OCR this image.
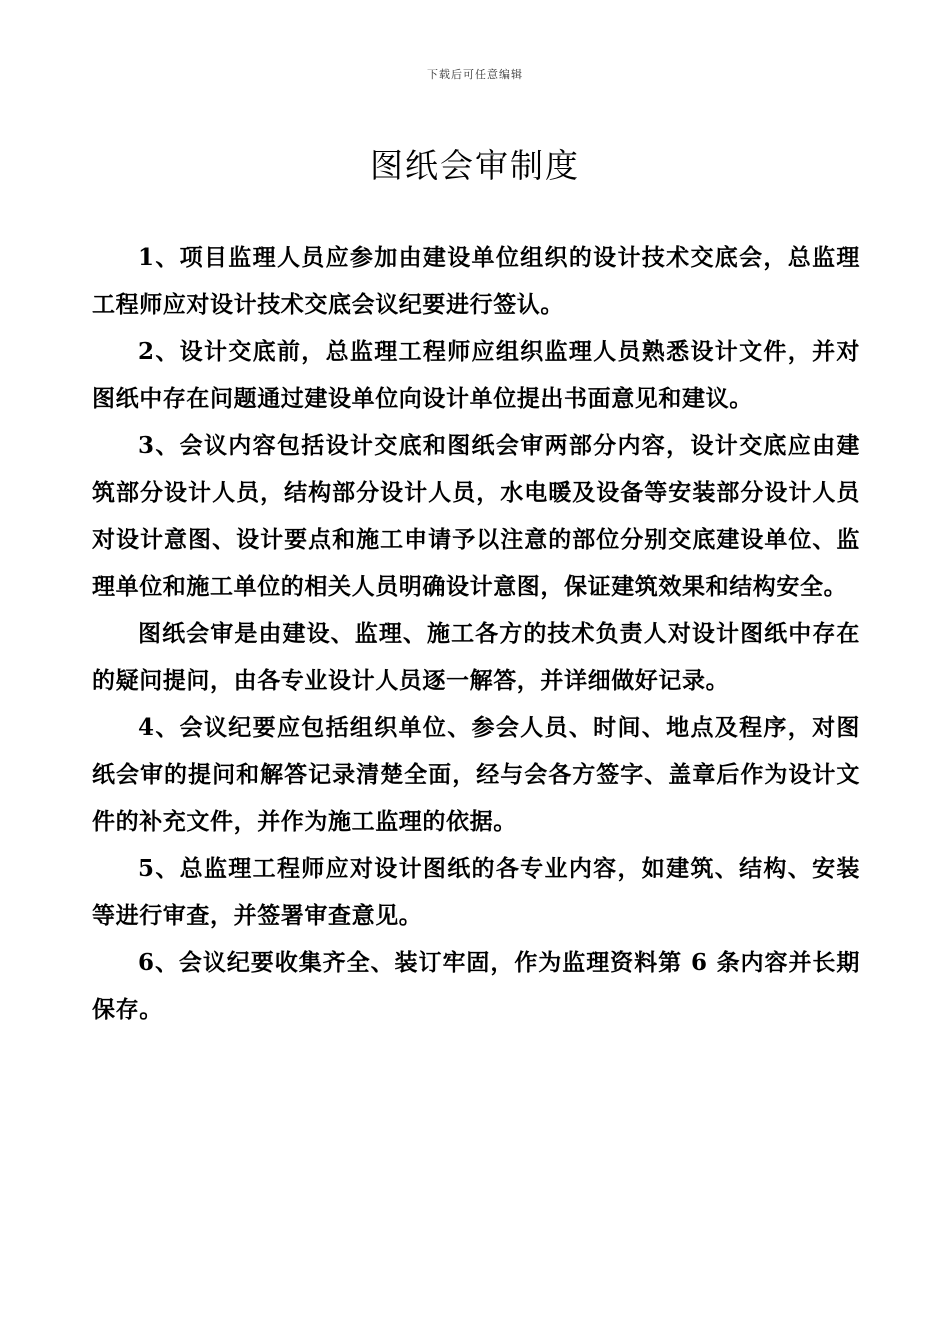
下载后可任意编辑
图纸会审制度

1、项目监理人员应参加由建设单位组织的设计技术交底会，总监理工程师应对设计技术交底会议纪要进行签认。

2、设计交底前，总监理工程师应组织监理人员熟悉设计文件，并对图纸中存在问题通过建设单位向设计单位提出书面意见和建议。

3、会议内容包括设计交底和图纸会审两部分内容，设计交底应由建筑部分设计人员，结构部分设计人员，水电暖及设备等安装部分设计人员对设计意图、设计要点和施工申请予以注意的部位分别交底建设单位、监理单位和施工单位的相关人员明确设计意图，保证建筑效果和结构安全。

图纸会审是由建设、监理、施工各方的技术负责人对设计图纸中存在的疑问提问，由各专业设计人员逐一解答，并详细做好记录。

4、会议纪要应包括组织单位、参会人员、时间、地点及程序，对图纸会审的提问和解答记录清楚全面，经与会各方签字、盖章后作为设计文件的补充文件，并作为施工监理的依据。

5、总监理工程师应对设计图纸的各专业内容，如建筑、结构、安装等进行审查，并签署审查意见。

6、会议纪要收集齐全、装订牢固，作为监理资料第 6 条内容并长期保存。
